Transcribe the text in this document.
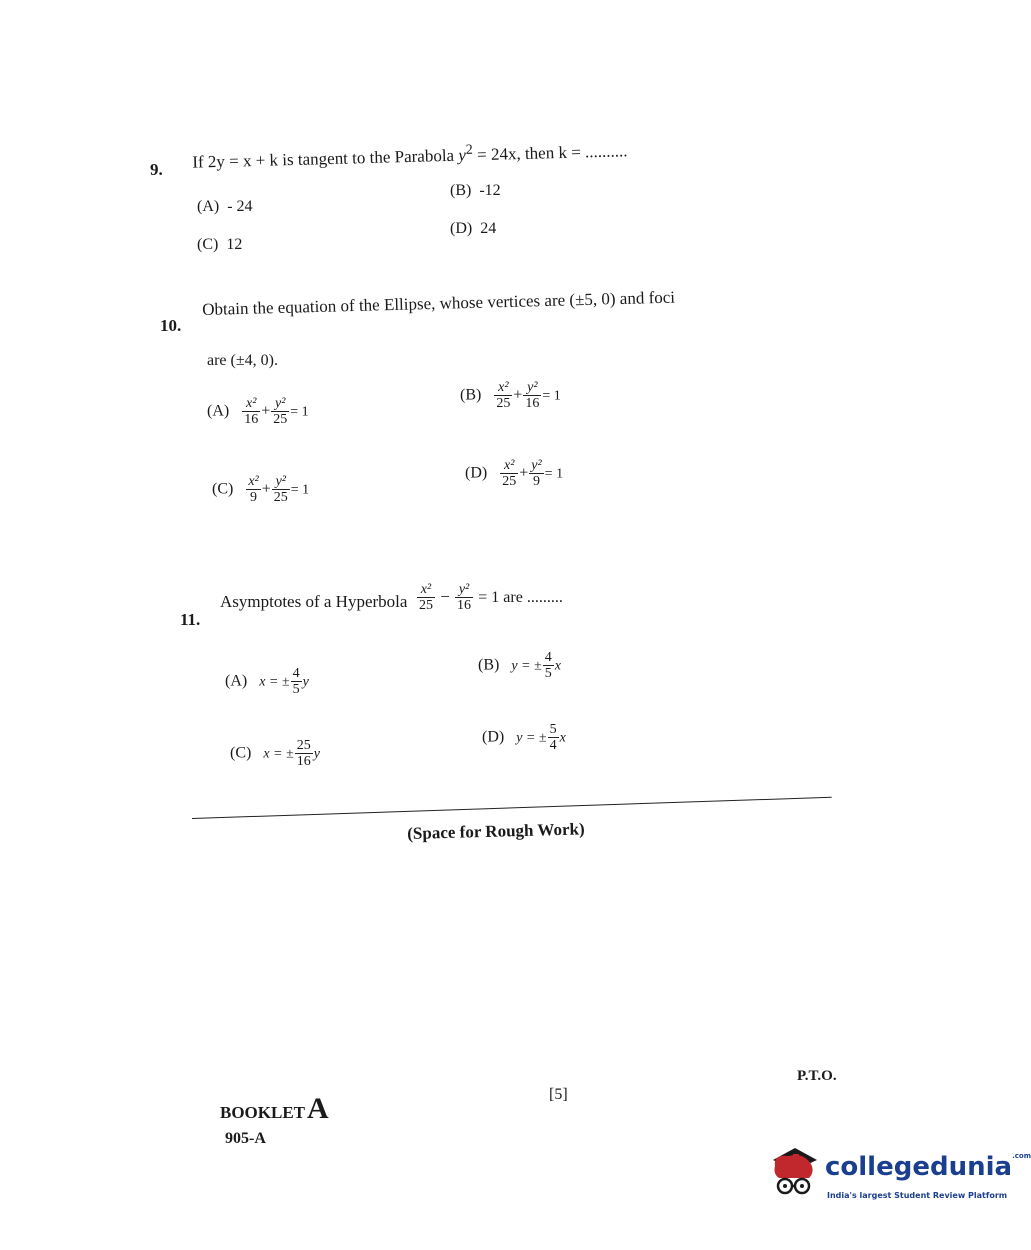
9. If 2y = x + k is tangent to the Parabola $y^2 = 24x$, then k = ..........
(A) - 24
(B) -12
(C) 12
(D) 24
10.
Obtain the equation of the Ellipse, whose vertices are (±5, 0) and foci
are (±4, 0).
$(A) \frac{\text{x²}}{16} + \frac{\text{y²}}{25} = 1$
$(B) \frac{\text{x²}}{25} + \frac{\text{y²}}{16} = 1$
$(C) \frac{\text{x²}}{9} + \frac{\text{y²}}{25} = 1$
$(D) \frac{\text{x²}}{25} + \frac{\text{y²}}{9} = 1$
11.
Asymptotes of a Hyperbola $\frac{\text{x²}}{25} - \frac{\text{y²}}{16} = 1$ are .........
(A) x = ± $\frac{4}{5}$ y
(B) y = ± $\frac{4}{5}$ x
(C) x = ± $\frac{25}{16}$ y
(D) y = ± $\frac{5}{4}$ x
(Space for Rough Work)
P.T.O.
[5]
BOOKLETA
905-A
collegedunia$^{.com}$
India's largest Student Review Platform
